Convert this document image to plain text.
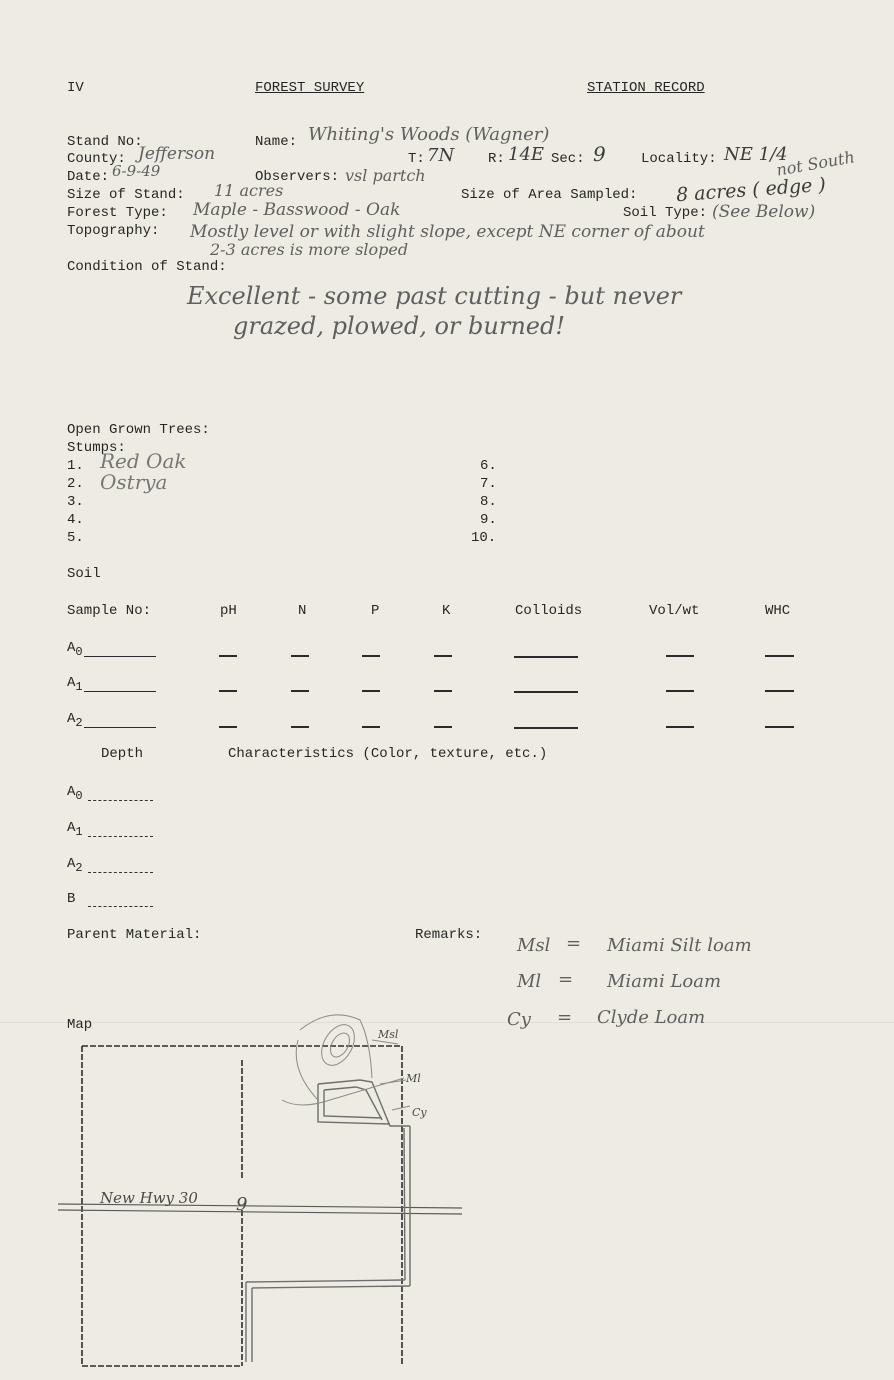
IV	FOREST SURVEY	STATION RECORD
Stand No:	Name: Whiting's Woods (Wagner)
County: Jefferson	T: 7N R: 14E Sec: 9	Locality: NE 1/4
not South
Date: 6-9-49	Observers: vsl partch
Size of Stand: 11 acres	Size of Area Sampled: 8 acres ( edge )
Forest Type: Maple - Basswood - Oak	Soil Type: (See Below)
Topography: Mostly level or with slight slope, except NE corner of about
2-3 acres is more sloped
Condition of Stand:
Excellent - some past cutting - but never
grazed, plowed, or burned!
Open Grown Trees:
Stumps:
1.
2.
3.
4.
5.
6.
7.
8.
9.
10.
Red Oak
Ostrya
Soil
Sample No:	pH	N	P	K	Colloids	Vol/wt	WHC
$A_0$
$A_1$
$A_2$
Depth	Characteristics (Color, texture, etc.)
$A_0$
$A_1$
$A_2$
B
Parent Material:	Remarks: Msl = Miami Silt loam
Ml = Miami Loam
Cy = Clyde Loam
Map
New Hwy 30 9
Msl
Ml
Cy
